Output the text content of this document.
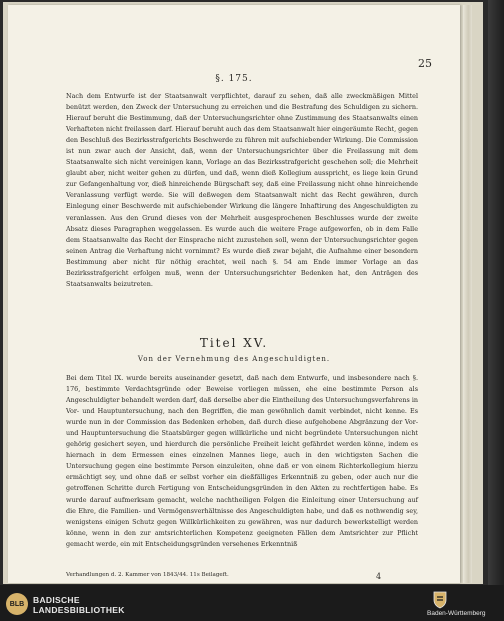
25
§. 175.
Nach dem Entwurfe ist der Staatsanwalt verpflichtet, darauf zu sehen, daß alle zweckmäßigen Mittel benützt werden, den Zweck der Untersuchung zu erreichen und die Bestrafung des Schuldigen zu sichern. Hierauf beruht die Bestimmung, daß der Untersuchungsrichter ohne Zustimmung des Staatsanwalts einen Verhafteten nicht freilassen darf. Hierauf beruht auch das dem Staatsanwalt hier eingeräumte Recht, gegen den Beschluß des Bezirksstrafgerichts Beschwerde zu führen mit aufschiebender Wirkung. Die Commission ist nun zwar auch der Ansicht, daß, wenn der Untersuchungsrichter über die Freilassung mit dem Staatsanwalte sich nicht vereinigen kann, Vorlage an das Bezirksstrafgericht geschehen soll; die Mehrheit glaubt aber, nicht weiter gehen zu dürfen, und daß, wenn dieß Kollegium ausspricht, es liege kein Grund zur Gefangenhaltung vor, dieß hinreichende Bürgschaft sey, daß eine Freilassung nicht ohne hinreichende Veranlassung verfügt werde. Sie will deßwegen dem Staatsanwalt nicht das Recht gewähren, durch Einlegung einer Beschwerde mit aufschiebender Wirkung die längere Inhaftirung des Angeschuldigten zu veranlassen. Aus den Grund dieses von der Mehrheit ausgesprochenen Beschlusses wurde der zweite Absatz dieses Paragraphen weggelassen. Es wurde auch die weitere Frage aufgeworfen, ob in dem Falle dem Staatsanwalte das Recht der Einsprache nicht zuzustehen soll, wenn der Untersuchungsrichter gegen seinen Antrag die Verhaftung nicht vornimmt? Es wurde dieß zwar bejaht, die Aufnahme einer besondern Bestimmung aber nicht für nöthig erachtet, weil nach §. 54 am Ende immer Vorlage an das Bezirksstrafgericht erfolgen muß, wenn der Untersuchungsrichter Bedenken hat, den Anträgen des Staatsanwalts beizutreten.
Titel XV.
Von der Vernehmung des Angeschuldigten.
Bei dem Titel IX. wurde bereits auseinander gesetzt, daß nach dem Entwurfe, und insbesondere nach §. 176, bestimmte Verdachtsgründe oder Beweise vorliegen müssen, ehe eine bestimmte Person als Angeschuldigter behandelt werden darf, daß derselbe aber die Eintheilung des Untersuchungsverfahrens in Vor- und Hauptuntersuchung, nach den Begriffen, die man gewöhnlich damit verbindet, nicht kenne. Es wurde nun in der Commission das Bedenken erhoben, daß durch diese aufgehobene Abgränzung der Vor- und Hauptuntersuchung die Staatsbürger gegen willkürliche und nicht begründete Untersuchungen nicht gehörig gesichert seyen, und hierdurch die persönliche Freiheit leicht gefährdet werden könne, indem es hiernach in dem Ermessen eines einzelnen Mannes liege, auch in den wichtigsten Sachen die Untersuchung gegen eine bestimmte Person einzuleiten, ohne daß er von einem Richterkollegium hierzu ermächtigt sey, und ohne daß er selbst vorher ein dießfälliges Erkenntniß zu geben, oder auch nur die getroffenen Schritte durch Fertigung von Entscheidungsgründen in den Akten zu rechtfertigen habe. Es wurde darauf aufmerksam gemacht, welche nachtheiligen Folgen die Einleitung einer Untersuchung auf die Ehre, die Familien- und Vermögensverhältnisse des Angeschuldigten habe, und daß es nothwendig sey, wenigstens einigen Schutz gegen Willkürlichkeiten zu gewähren, was nur dadurch bewerkstelligt werden könne, wenn in den zur amtsrichterlichen Kompetenz geeigneten Fällen dem Amtsrichter zur Pflicht gemacht werde, ein mit Entscheidungsgründen versehenes Erkenntniß
Verhandlungen d. 2. Kammer von 1843/44. 11s Beilageft.	4
BLB	BADISCHE
LANDESBIBLIOTHEK	Baden-Württemberg
